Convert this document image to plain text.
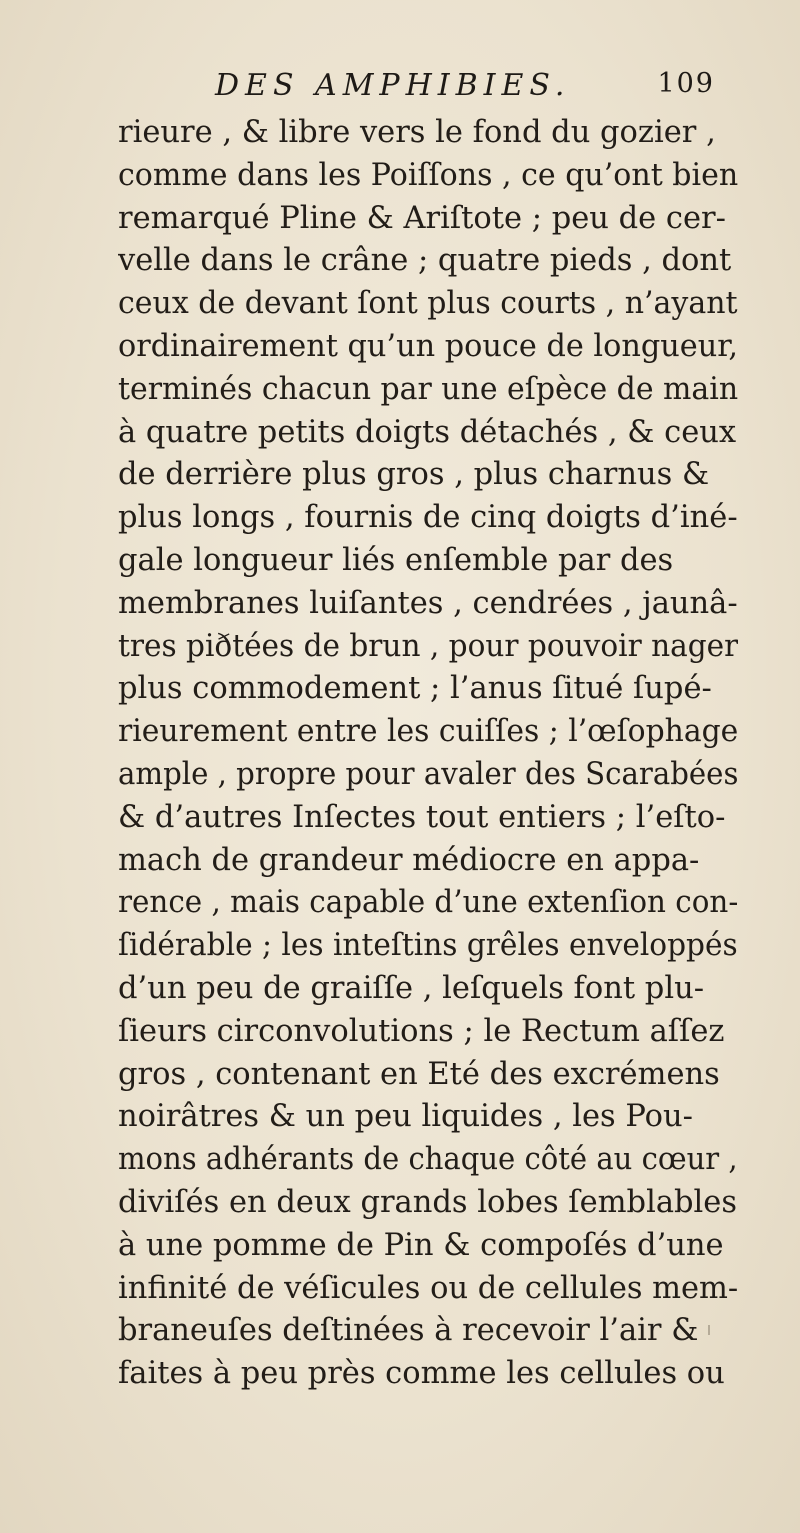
DES AMPHIBIES.	109
rieure , & libre vers le fond du gozier ,
comme dans les Poiſſons , ce qu’ont bien
remarqué Pline & Ariſtote ; peu de cer-
velle dans le crâne ; quatre pieds , dont
ceux de devant ſont plus courts , n’ayant
ordinairement qu’un pouce de longueur,
terminés chacun par une eſpèce de main
à quatre petits doigts détachés , & ceux
de derrière plus gros , plus charnus &
plus longs , fournis de cinq doigts d’iné-
gale longueur liés enſemble par des
membranes luiſantes , cendrées , jaunâ-
tres piðtées de brun , pour pouvoir nager
plus commodement ; l’anus ſitué ſupé-
rieurement entre les cuiſſes ; l’œſophage
ample , propre pour avaler des Scarabées
& d’autres Inſectes tout entiers ; l’eſto-
mach de grandeur médiocre en appa-
rence , mais capable d’une extenſion con-
ſidérable ; les inteſtins grêles enveloppés
d’un peu de graiſſe , leſquels font plu-
ſieurs circonvolutions ; le Rectum aſſez
gros , contenant en Eté des excrémens
noirâtres & un peu liquides , les Pou-
mons adhérants de chaque côté au cœur ,
diviſés en deux grands lobes ſemblables
à une pomme de Pin & compoſés d’une
infinité de véſicules ou de cellules mem-
braneuſes deſtinées à recevoir l’air &
faites à peu près comme les cellules ou
